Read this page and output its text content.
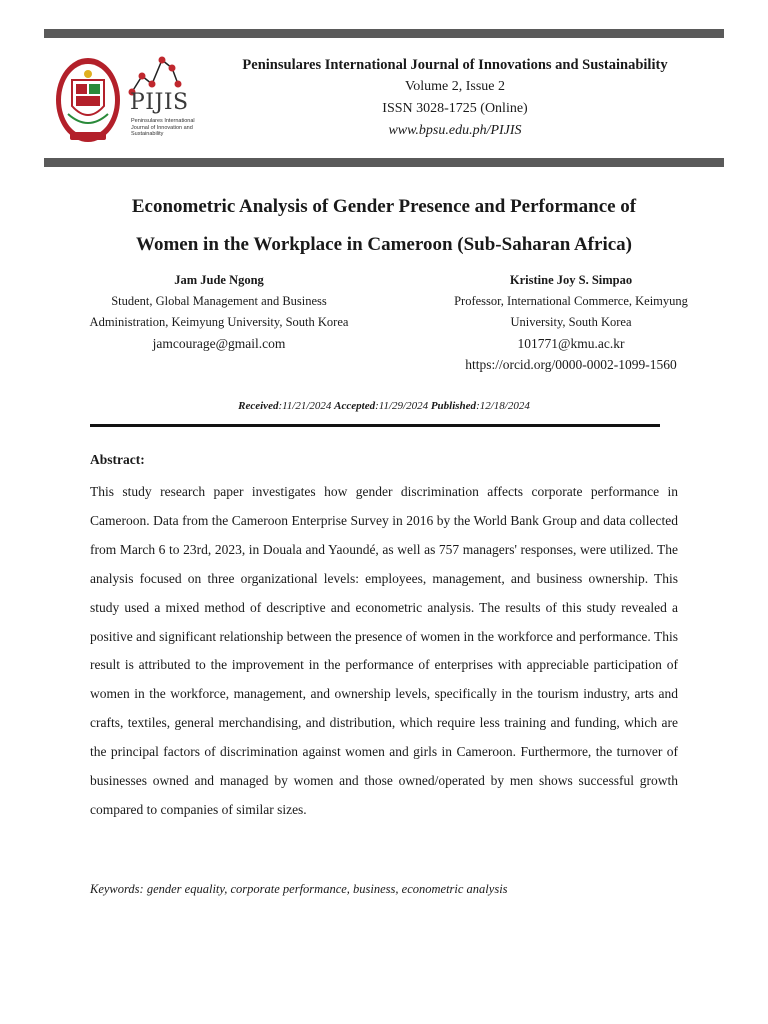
PIJIS
Peninsulares International Journal of Innovation and Sustainability
Peninsulares International Journal of Innovations and Sustainability
Volume 2, Issue 2
ISSN 3028-1725 (Online)
www.bpsu.edu.ph/PIJIS
Econometric Analysis of Gender Presence and Performance of
Women in the Workplace in Cameroon (Sub-Saharan Africa)
Jam Jude Ngong
Student, Global Management and Business
Administration, Keimyung University, South Korea
jamcourage@gmail.com
Kristine Joy S. Simpao
Professor, International Commerce, Keimyung
University, South Korea
101771@kmu.ac.kr
https://orcid.org/0000-0002-1099-1560
Received:11/21/2024 Accepted:11/29/2024 Published:12/18/2024
Abstract:

This study research paper investigates how gender discrimination affects corporate performance in Cameroon. Data from the Cameroon Enterprise Survey in 2016 by the World Bank Group and data collected from March 6 to 23rd, 2023, in Douala and Yaoundé, as well as 757 managers' responses, were utilized. The analysis focused on three organizational levels: employees, management, and business ownership. This study used a mixed method of descriptive and econometric analysis. The results of this study revealed a positive and significant relationship between the presence of women in the workforce and performance. This result is attributed to the improvement in the performance of enterprises with appreciable participation of women in the workforce, management, and ownership levels, specifically in the tourism industry, arts and crafts, textiles, general merchandising, and distribution, which require less training and funding, which are the principal factors of discrimination against women and girls in Cameroon. Furthermore, the turnover of businesses owned and managed by women and those owned/operated by men shows successful growth compared to companies of similar sizes.

Keywords: gender equality, corporate performance, business, econometric analysis
